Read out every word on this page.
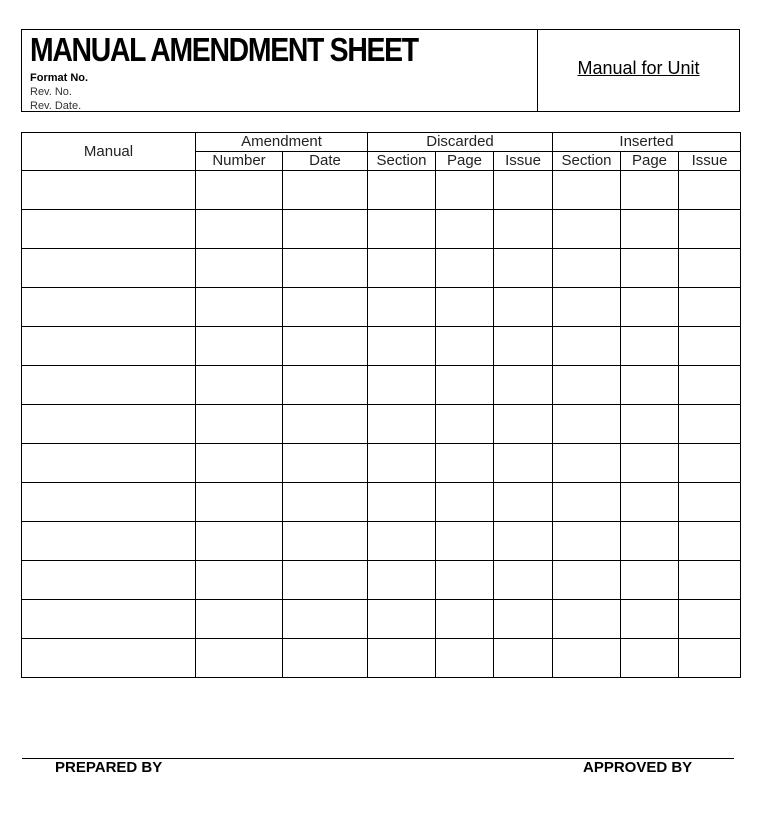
MANUAL AMENDMENT SHEET
Format No.
Rev. No.
Rev. Date.
Manual for Unit
Manual	Amendment		Discarded			Inserted		
	Number	Date	Section	Page	Issue	Section	Page	Issue

PREPARED BY	APPROVED BY
